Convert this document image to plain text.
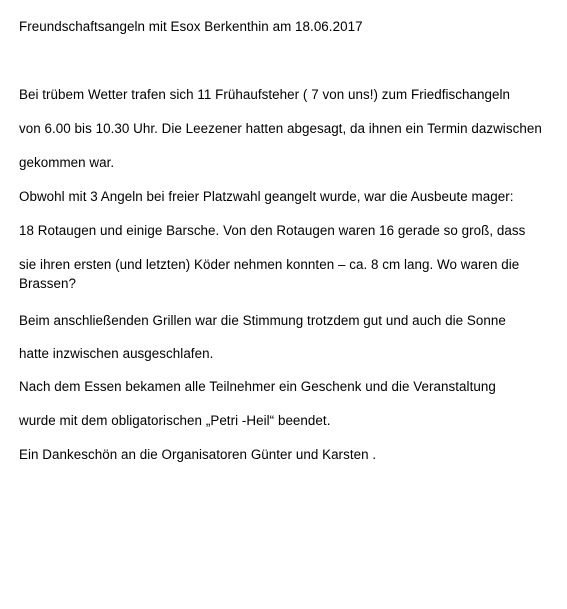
Freundschaftsangeln mit Esox Berkenthin am 18.06.2017
Bei trübem Wetter trafen sich 11 Frühaufsteher ( 7 von uns!) zum Friedfischangeln
von 6.00 bis 10.30 Uhr. Die Leezener hatten abgesagt, da ihnen ein Termin dazwischen
gekommen war.
Obwohl mit 3 Angeln bei freier Platzwahl geangelt wurde, war die Ausbeute mager:
18 Rotaugen und einige Barsche. Von den Rotaugen waren 16 gerade so groß, dass
sie ihren ersten (und letzten) Köder nehmen konnten – ca. 8 cm lang. Wo waren die
Brassen?
Beim anschließenden Grillen war die Stimmung trotzdem gut und auch die Sonne
hatte inzwischen ausgeschlafen.
Nach dem Essen bekamen alle Teilnehmer ein Geschenk und die Veranstaltung
wurde mit dem obligatorischen „Petri -Heil“ beendet.
Ein Dankeschön an die Organisatoren Günter und Karsten .
